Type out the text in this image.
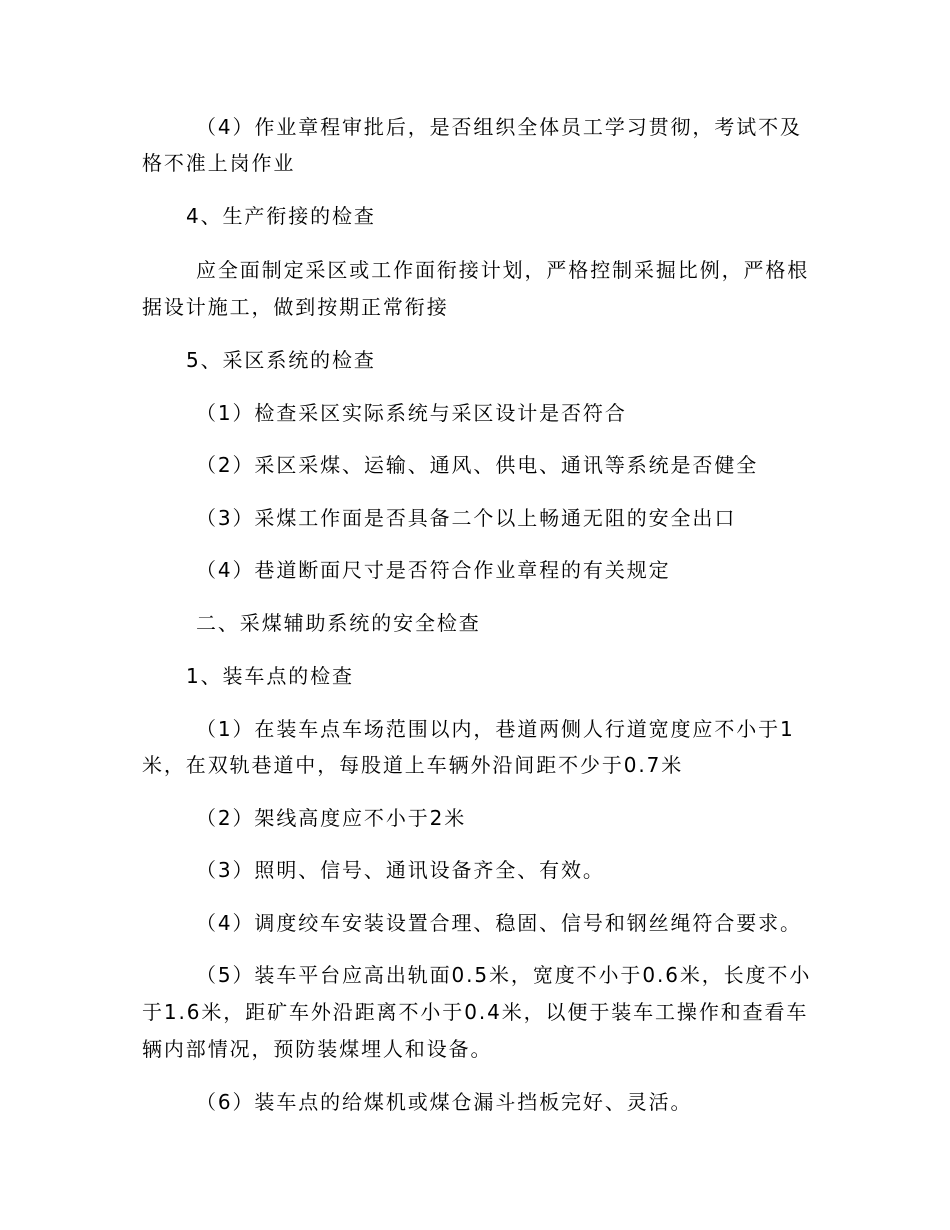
（4）作业章程审批后，是否组织全体员工学习贯彻，考试不及
格不准上岗作业
4、生产衔接的检查
应全面制定采区或工作面衔接计划，严格控制采掘比例，严格根
据设计施工，做到按期正常衔接
5、采区系统的检查
（1）检查采区实际系统与采区设计是否符合
（2）采区采煤、运输、通风、供电、通讯等系统是否健全
（3）采煤工作面是否具备二个以上畅通无阻的安全出口
（4）巷道断面尺寸是否符合作业章程的有关规定
二、采煤辅助系统的安全检查
1、装车点的检查
（1）在装车点车场范围以内，巷道两侧人行道宽度应不小于1
米，在双轨巷道中，每股道上车辆外沿间距不少于0.7米
（2）架线高度应不小于2米
（3）照明、信号、通讯设备齐全、有效。
（4）调度绞车安装设置合理、稳固、信号和钢丝绳符合要求。
（5）装车平台应高出轨面0.5米，宽度不小于0.6米，长度不小
于1.6米，距矿车外沿距离不小于0.4米，以便于装车工操作和查看车
辆内部情况，预防装煤埋人和设备。
（6）装车点的给煤机或煤仓漏斗挡板完好、灵活。
